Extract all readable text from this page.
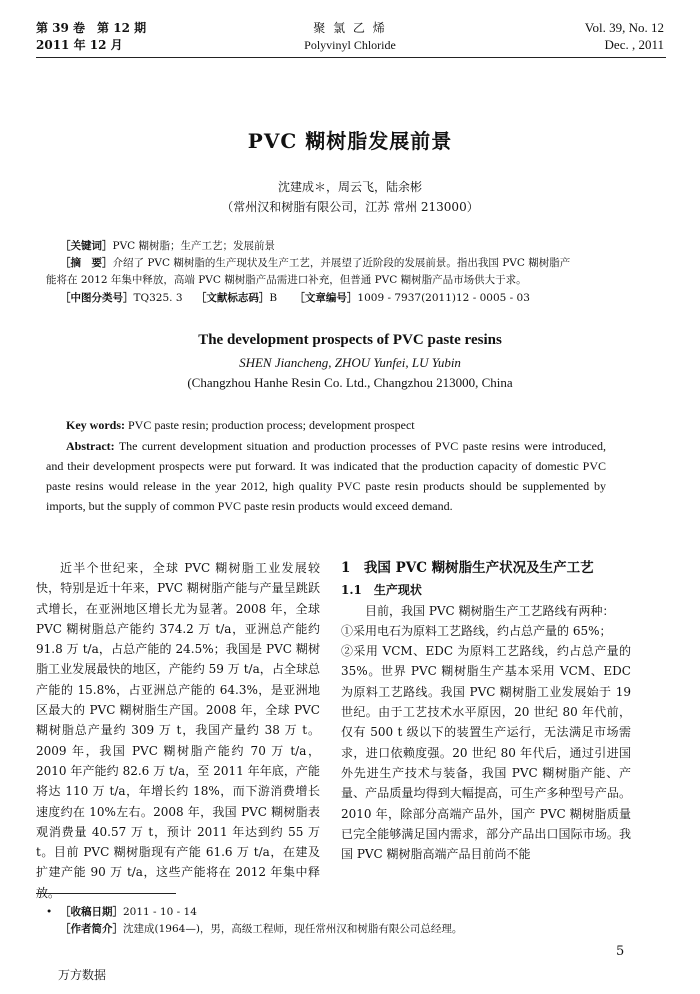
第 39 卷　第 12 期
2011 年 12 月
聚 氯 乙 烯
Polyvinyl Chloride
Vol. 39, No. 12
Dec. , 2011
PVC 糊树脂发展前景
沈建成＊，周云飞，陆余彬
（常州汉和树脂有限公司，江苏 常州 213000）
［关键词］PVC 糊树脂；生产工艺；发展前景
［摘　要］介绍了 PVC 糊树脂的生产现状及生产工艺，并展望了近阶段的发展前景。指出我国 PVC 糊树脂产
能将在 2012 年集中释放，高端 PVC 糊树脂产品需进口补充，但普通 PVC 糊树脂产品市场供大于求。
［中图分类号］TQ325. 3 ［文献标志码］B ［文章编号］1009 - 7937(2011)12 - 0005 - 03
The development prospects of PVC paste resins
SHEN Jiancheng, ZHOU Yunfei, LU Yubin
(Changzhou Hanhe Resin Co. Ltd., Changzhou 213000, China
Key words: PVC paste resin; production process; development prospect
Abstract: The current development situation and production processes of PVC paste resins were introduced, and their development prospects were put forward. It was indicated that the production capacity of domestic PVC paste resins would release in the year 2012, high quality PVC paste resin products should be supplemented by imports, but the supply of common PVC paste resin products would exceed demand.

近半个世纪来，全球 PVC 糊树脂工业发展较快，特别是近十年来，PVC 糊树脂产能与产量呈跳跃式增长，在亚洲地区增长尤为显著。2008 年，全球 PVC 糊树脂总产能约 374.2 万 t/a，亚洲总产能约 91.8 万 t/a，占总产能的 24.5%；我国是 PVC 糊树脂工业发展最快的地区，产能约 59 万 t/a，占全球总产能的 15.8%，占亚洲总产能的 64.3%，是亚洲地区最大的 PVC 糊树脂生产国。2008 年，全球 PVC 糊树脂总产量约 309 万 t，我国产量约 38 万 t。2009 年，我国 PVC 糊树脂产能约 70 万 t/a，2010 年产能约 82.6 万 t/a，至 2011 年年底，产能将达 110 万 t/a，年增长约 18%，而下游消费增长速度约在 10%左右。2008 年，我国 PVC 糊树脂表观消费量 40.57 万 t，预计 2011 年达到约 55 万 t。目前 PVC 糊树脂现有产能 61.6 万 t/a，在建及扩建产能 90 万 t/a，这些产能将在 2012 年集中释放。

1　我国 PVC 糊树脂生产状况及生产工艺
1.1　生产现状

目前，我国 PVC 糊树脂生产工艺路线有两种：

①采用电石为原料工艺路线，约占总产量的 65%；
②采用 VCM、EDC 为原料工艺路线，约占总产量的 35%。世界 PVC 糊树脂生产基本采用 VCM、EDC 为原料工艺路线。我国 PVC 糊树脂工业发展始于 19 世纪。由于工艺技术水平原因，20 世纪 80 年代前，仅有 500 t 级以下的装置生产运行，无法满足市场需求，进口依赖度强。20 世纪 80 年代后，通过引进国外先进生产技术与装备，我国 PVC 糊树脂产能、产量、产品质量均得到大幅提高，可生产多种型号产品。2010 年，除部分高端产品外，国产 PVC 糊树脂质量已完全能够满足国内需求，部分产品出口国际市场。我国 PVC 糊树脂高端产品目前尚不能
• ［收稿日期］2011 - 10 - 14
［作者简介］沈建成(1964—)，男，高级工程师，现任常州汉和树脂有限公司总经理。
5
万方数据
